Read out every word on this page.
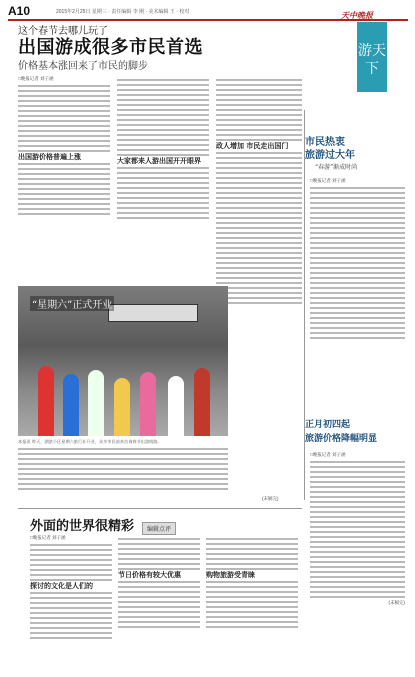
A10	2015年2月25日 星期三 · 责任编辑 李 刚 · 美术编辑 王 · 校对	天中晚报
游天下
这个春节去哪儿玩了
出国游成很多市民首选
价格基本涨回来了市民的脚步
□晚报记者 刘子涵
出国游价格普遍上涨	大家都来人游出国开开眼界
政人增加 市民走出国门
“星期六”正式开业
本报讯 昨天，湖滨小区星期六旅行社开业，众多市民前来咨询春节出游线路。
(末稿完)
市民热衷
旅游过大年
“春游”渐成时尚
□晚报记者 刘子涵
正月初四起
旅游价格降幅明显
□晚报记者 刘子涵
(末稿完)
外面的世界很精彩	编辑点评
□晚报记者 刘子涵
探讨的文化是人们的
节日价格有较大优惠	购物旅游受青睐
